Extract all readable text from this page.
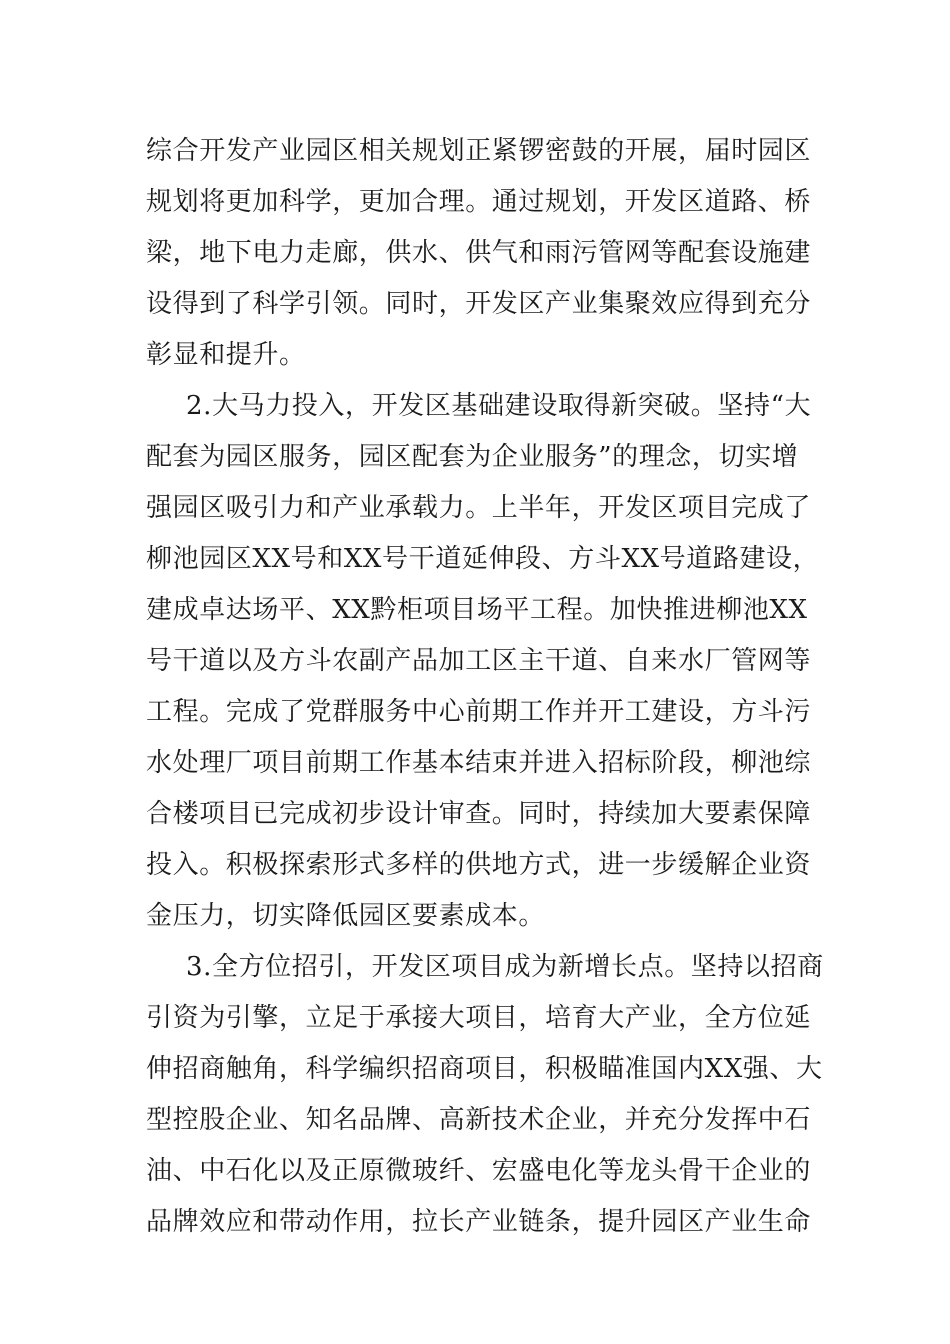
综合开发产业园区相关规划正紧锣密鼓的开展，届时园区
规划将更加科学，更加合理。通过规划，开发区道路、桥
梁，地下电力走廊，供水、供气和雨污管网等配套设施建
设得到了科学引领。同时，开发区产业集聚效应得到充分
彰显和提升。
2.大马力投入，开发区基础建设取得新突破。坚持“大
配套为园区服务，园区配套为企业服务”的理念，切实增
强园区吸引力和产业承载力。上半年，开发区项目完成了
柳池园区XX号和XX号干道延伸段、方斗XX号道路建设，
建成卓达场平、XX黔柜项目场平工程。加快推进柳池XX
号干道以及方斗农副产品加工区主干道、自来水厂管网等
工程。完成了党群服务中心前期工作并开工建设，方斗污
水处理厂项目前期工作基本结束并进入招标阶段，柳池综
合楼项目已完成初步设计审查。同时，持续加大要素保障
投入。积极探索形式多样的供地方式，进一步缓解企业资
金压力，切实降低园区要素成本。
3.全方位招引，开发区项目成为新增长点。坚持以招商
引资为引擎，立足于承接大项目，培育大产业，全方位延
伸招商触角，科学编织招商项目，积极瞄准国内XX强、大
型控股企业、知名品牌、高新技术企业，并充分发挥中石
油、中石化以及正原微玻纤、宏盛电化等龙头骨干企业的
品牌效应和带动作用，拉长产业链条，提升园区产业生命
